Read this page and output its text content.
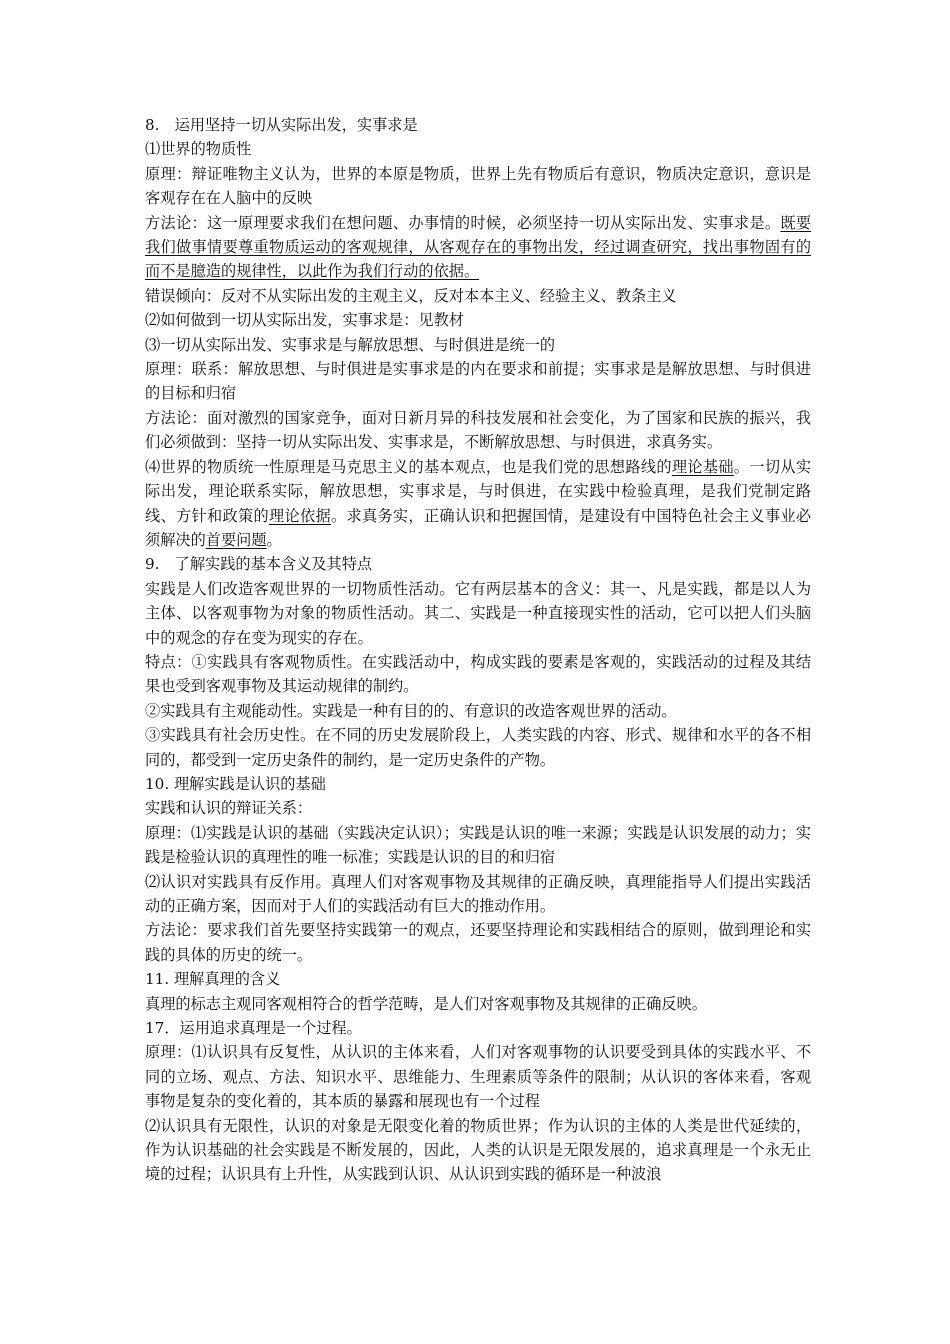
8.　运用坚持一切从实际出发，实事求是

⑴世界的物质性

原理：辩证唯物主义认为，世界的本原是物质，世界上先有物质后有意识，物质决定意识，意识是客观存在在人脑中的反映

方法论：这一原理要求我们在想问题、办事情的时候，必须坚持一切从实际出发、实事求是。既要我们做事情要尊重物质运动的客观规律，从客观存在的事物出发，经过调查研究，找出事物固有的而不是臆造的规律性，以此作为我们行动的依据。

错误倾向：反对不从实际出发的主观主义，反对本本主义、经验主义、教条主义

⑵如何做到一切从实际出发，实事求是：见教材

⑶一切从实际出发、实事求是与解放思想、与时俱进是统一的

原理：联系：解放思想、与时俱进是实事求是的内在要求和前提；实事求是是解放思想、与时俱进的目标和归宿

方法论：面对激烈的国家竞争，面对日新月异的科技发展和社会变化，为了国家和民族的振兴，我们必须做到：坚持一切从实际出发、实事求是，不断解放思想、与时俱进，求真务实。

⑷世界的物质统一性原理是马克思主义的基本观点，也是我们党的思想路线的理论基础。一切从实际出发，理论联系实际，解放思想，实事求是，与时俱进，在实践中检验真理，是我们党制定路线、方针和政策的理论依据。求真务实，正确认识和把握国情，是建设有中国特色社会主义事业必须解决的首要问题。

9.　了解实践的基本含义及其特点

实践是人们改造客观世界的一切物质性活动。它有两层基本的含义：其一、凡是实践，都是以人为主体、以客观事物为对象的物质性活动。其二、实践是一种直接现实性的活动，它可以把人们头脑中的观念的存在变为现实的存在。

特点：①实践具有客观物质性。在实践活动中，构成实践的要素是客观的，实践活动的过程及其结果也受到客观事物及其运动规律的制约。

②实践具有主观能动性。实践是一种有目的的、有意识的改造客观世界的活动。

③实践具有社会历史性。在不同的历史发展阶段上，人类实践的内容、形式、规律和水平的各不相同的，都受到一定历史条件的制约，是一定历史条件的产物。

10. 理解实践是认识的基础

实践和认识的辩证关系：

原理：⑴实践是认识的基础（实践决定认识）；实践是认识的唯一来源；实践是认识发展的动力；实践是检验认识的真理性的唯一标准；实践是认识的目的和归宿

⑵认识对实践具有反作用。真理人们对客观事物及其规律的正确反映，真理能指导人们提出实践活动的正确方案，因而对于人们的实践活动有巨大的推动作用。

方法论：要求我们首先要坚持实践第一的观点，还要坚持理论和实践相结合的原则，做到理论和实践的具体的历史的统一。

11. 理解真理的含义

真理的标志主观同客观相符合的哲学范畴，是人们对客观事物及其规律的正确反映。

17．运用追求真理是一个过程。

原理：⑴认识具有反复性，从认识的主体来看，人们对客观事物的认识要受到具体的实践水平、不同的立场、观点、方法、知识水平、思维能力、生理素质等条件的限制；从认识的客体来看，客观事物是复杂的变化着的，其本质的暴露和展现也有一个过程

⑵认识具有无限性，认识的对象是无限变化着的物质世界；作为认识的主体的人类是世代延续的，作为认识基础的社会实践是不断发展的，因此，人类的认识是无限发展的，追求真理是一个永无止境的过程；认识具有上升性，从实践到认识、从认识到实践的循环是一种波浪
